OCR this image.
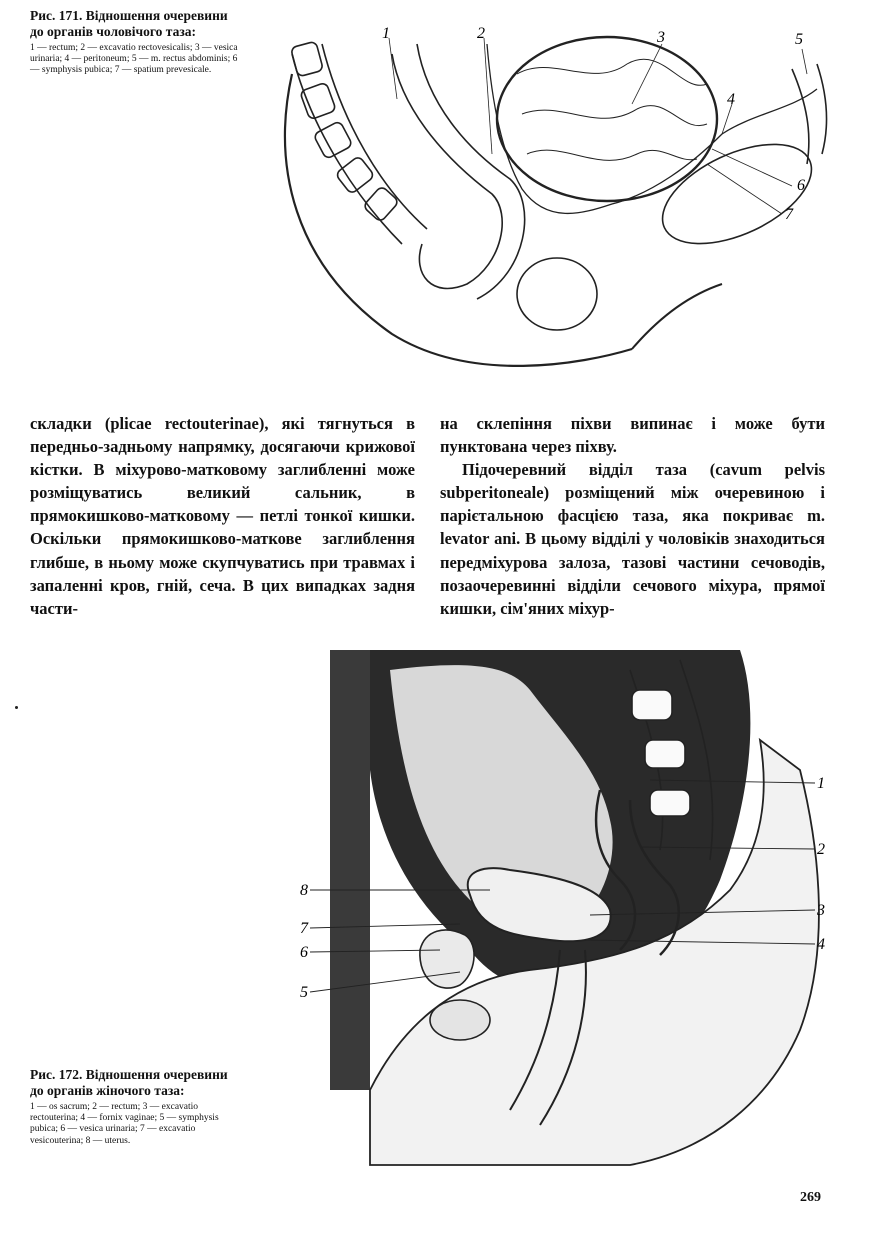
Рис. 171. Відношення очеревини до органів чоловічого таза:
1 — rectum; 2 — excavatio rectovesicalis; 3 — vesica urinaria; 4 — peritoneum; 5 — m. rectus abdominis; 6 — symphysis pubica; 7 — spatium prevesicale.
1	2	3
4
5
6
7

складки (plicae rectouterinae), які тягнуться в передньо-задньому напрямку, досягаючи крижової кістки. В міхурово-матковому заглибленні може розміщуватись великий сальник, в прямокишково-матковому — петлі тонкої кишки. Оскільки прямокишково-маткове заглиблення глибше, в ньому може скупчуватись при травмах і запаленні кров, гній, сеча. В цих випадках задня части-

на склепіння піхви випинає і може бути пунктована через піхву.

Підочеревний відділ таза (cavum pelvis subperitoneale) розміщений між очеревиною і парієтальною фасцією таза, яка покриває m. levator ani. В цьому відділі у чоловіків знаходиться передміхурова залоза, тазові частини сечоводів, позаочеревинні відділи сечового міхура, прямої кишки, сім'яних міхур-

1
2
3
4
5
6
7
8
Рис. 172. Відношення очеревини до органів жіночого таза:
1 — os sacrum; 2 — rectum; 3 — excavatio rectouterina; 4 — fornix vaginae; 5 — symphysis pubica; 6 — vesica urinaria; 7 — excavatio vesicouterina; 8 — uterus.
269
